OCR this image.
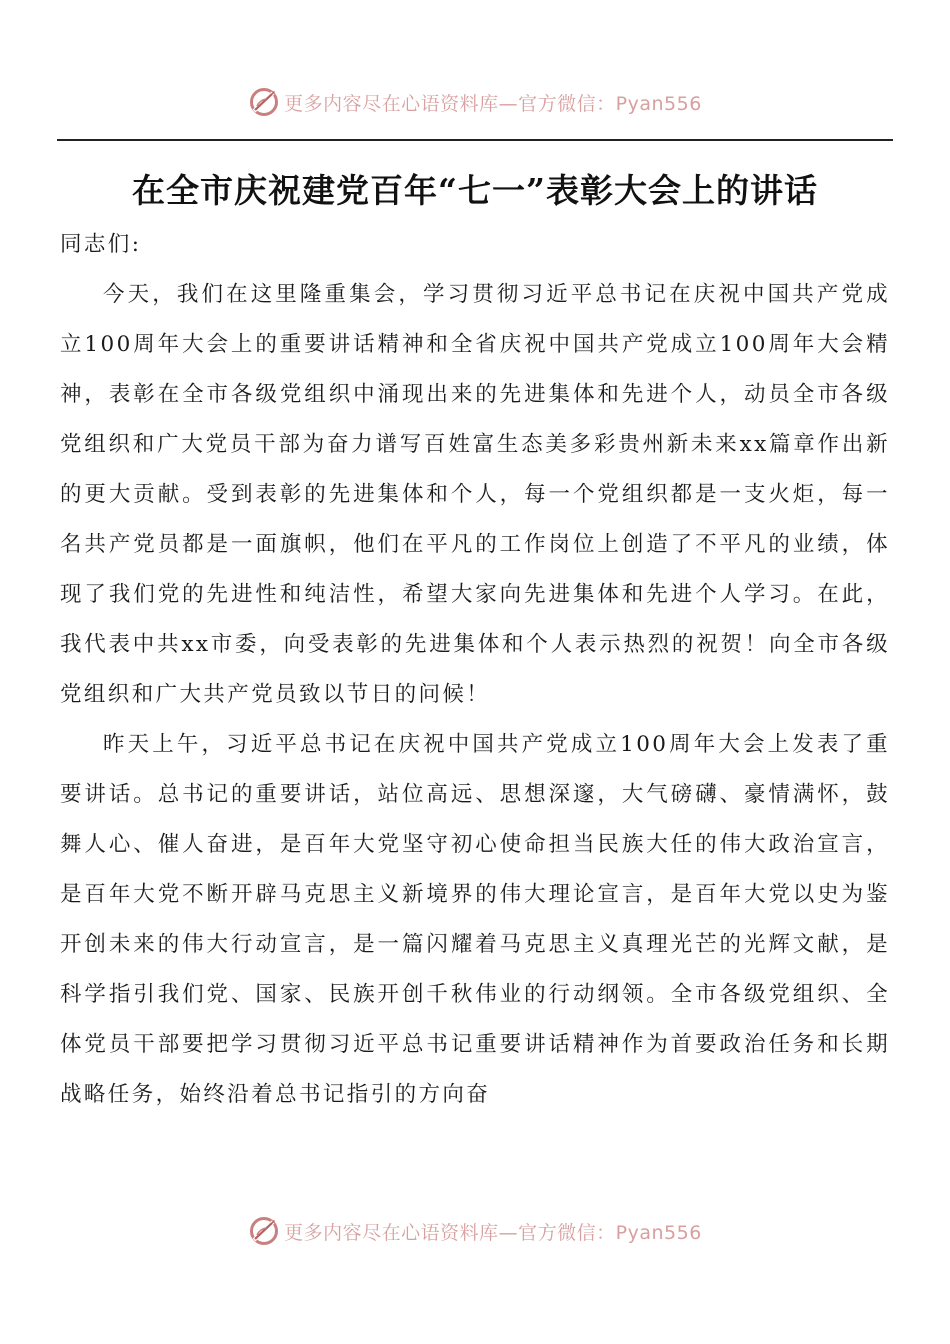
更多内容尽在心语资料库—官方微信：Pyan556
在全市庆祝建党百年“七一”表彰大会上的讲话

同志们:

今天，我们在这里隆重集会，学习贯彻习近平总书记在庆祝中国共产党成立100周年大会上的重要讲话精神和全省庆祝中国共产党成立100周年大会精神，表彰在全市各级党组织中涌现出来的先进集体和先进个人，动员全市各级党组织和广大党员干部为奋力谱写百姓富生态美多彩贵州新未来xx篇章作出新的更大贡献。受到表彰的先进集体和个人，每一个党组织都是一支火炬，每一名共产党员都是一面旗帜，他们在平凡的工作岗位上创造了不平凡的业绩，体现了我们党的先进性和纯洁性，希望大家向先进集体和先进个人学习。在此，我代表中共xx市委，向受表彰的先进集体和个人表示热烈的祝贺！向全市各级党组织和广大共产党员致以节日的问候！

昨天上午，习近平总书记在庆祝中国共产党成立100周年大会上发表了重要讲话。总书记的重要讲话，站位高远、思想深邃，大气磅礴、豪情满怀，鼓舞人心、催人奋进，是百年大党坚守初心使命担当民族大任的伟大政治宣言，是百年大党不断开辟马克思主义新境界的伟大理论宣言，是百年大党以史为鉴开创未来的伟大行动宣言，是一篇闪耀着马克思主义真理光芒的光辉文献，是科学指引我们党、国家、民族开创千秋伟业的行动纲领。全市各级党组织、全体党员干部要把学习贯彻习近平总书记重要讲话精神作为首要政治任务和长期战略任务，始终沿着总书记指引的方向奋

更多内容尽在心语资料库—官方微信：Pyan556
